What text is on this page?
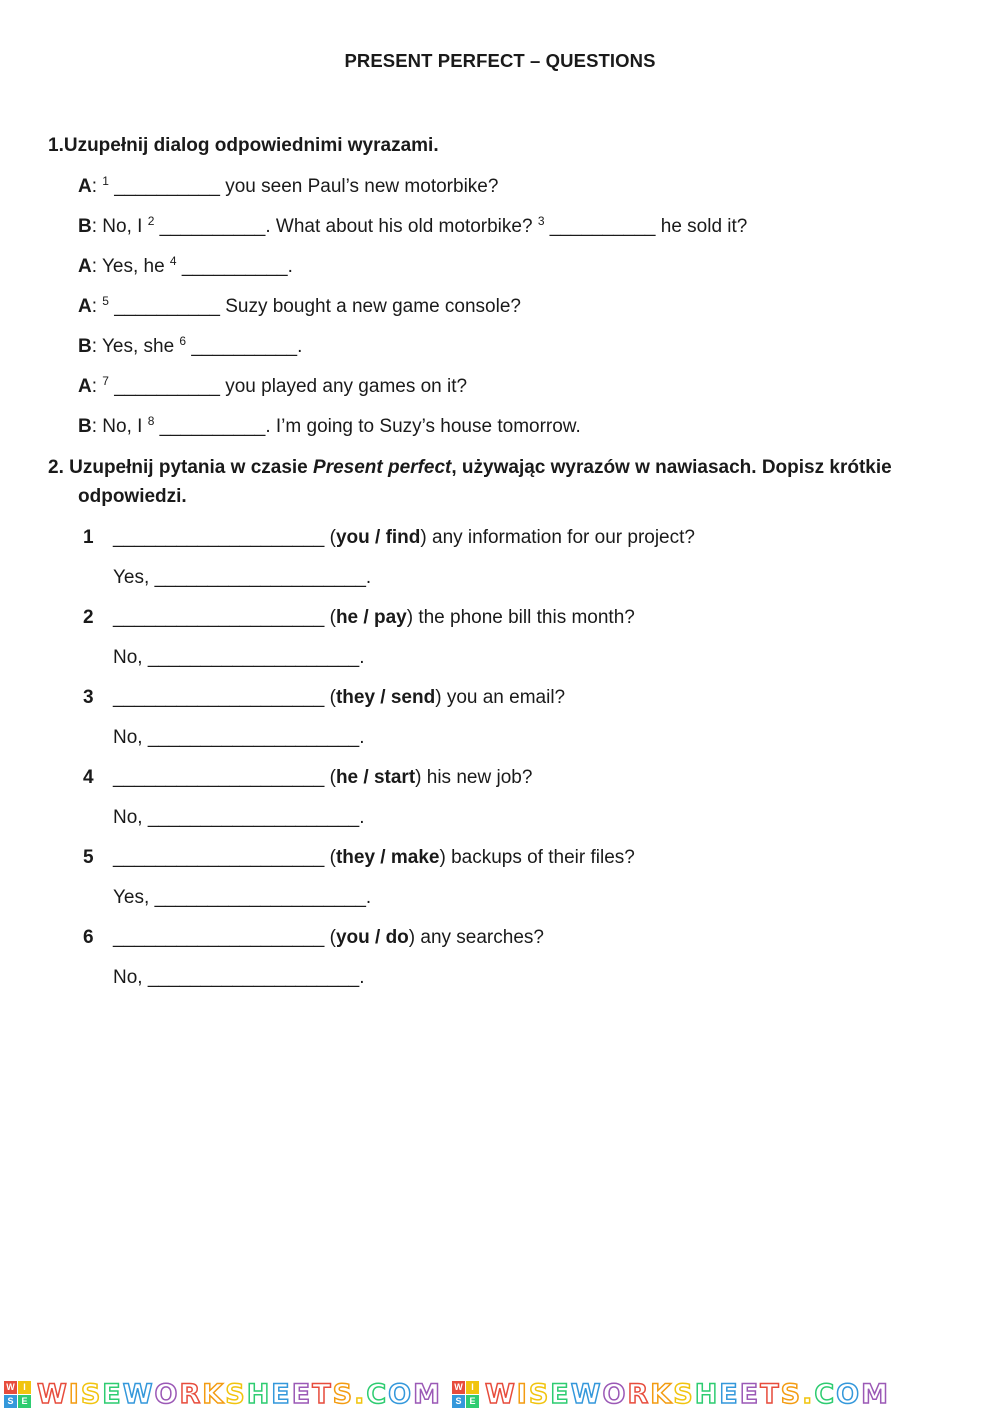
PRESENT PERFECT – QUESTIONS
1.Uzupełnij dialog odpowiednimi wyrazami.
A: $^1$ __________ you seen Paul’s new motorbike?
B: No, I $^2$ __________. What about his old motorbike? $^3$ __________ he sold it?
A: Yes, he $^4$ __________.
A: $^5$ __________ Suzy bought a new game console?
B: Yes, she $^6$ __________.
A: $^7$ __________ you played any games on it?
B: No, I $^8$ __________. I’m going to Suzy’s house tomorrow.
2. Uzupełnij pytania w czasie Present perfect, używając wyrazów w nawiasach. Dopisz krótkie
odpowiedzi.
1 ____________________ (you / find) any information for our project?
Yes, ____________________.
2 ____________________ (he / pay) the phone bill this month?
No, ____________________.
3 ____________________ (they / send) you an email?
No, ____________________.
4 ____________________ (he / start) his new job?
No, ____________________.
5 ____________________ (they / make) backups of their files?
Yes, ____________________.
6 ____________________ (you / do) any searches?
No, ____________________.
W I
S E WISEWORKSHEETS.COM W I
S E WISEWORKSHEETS.COM
